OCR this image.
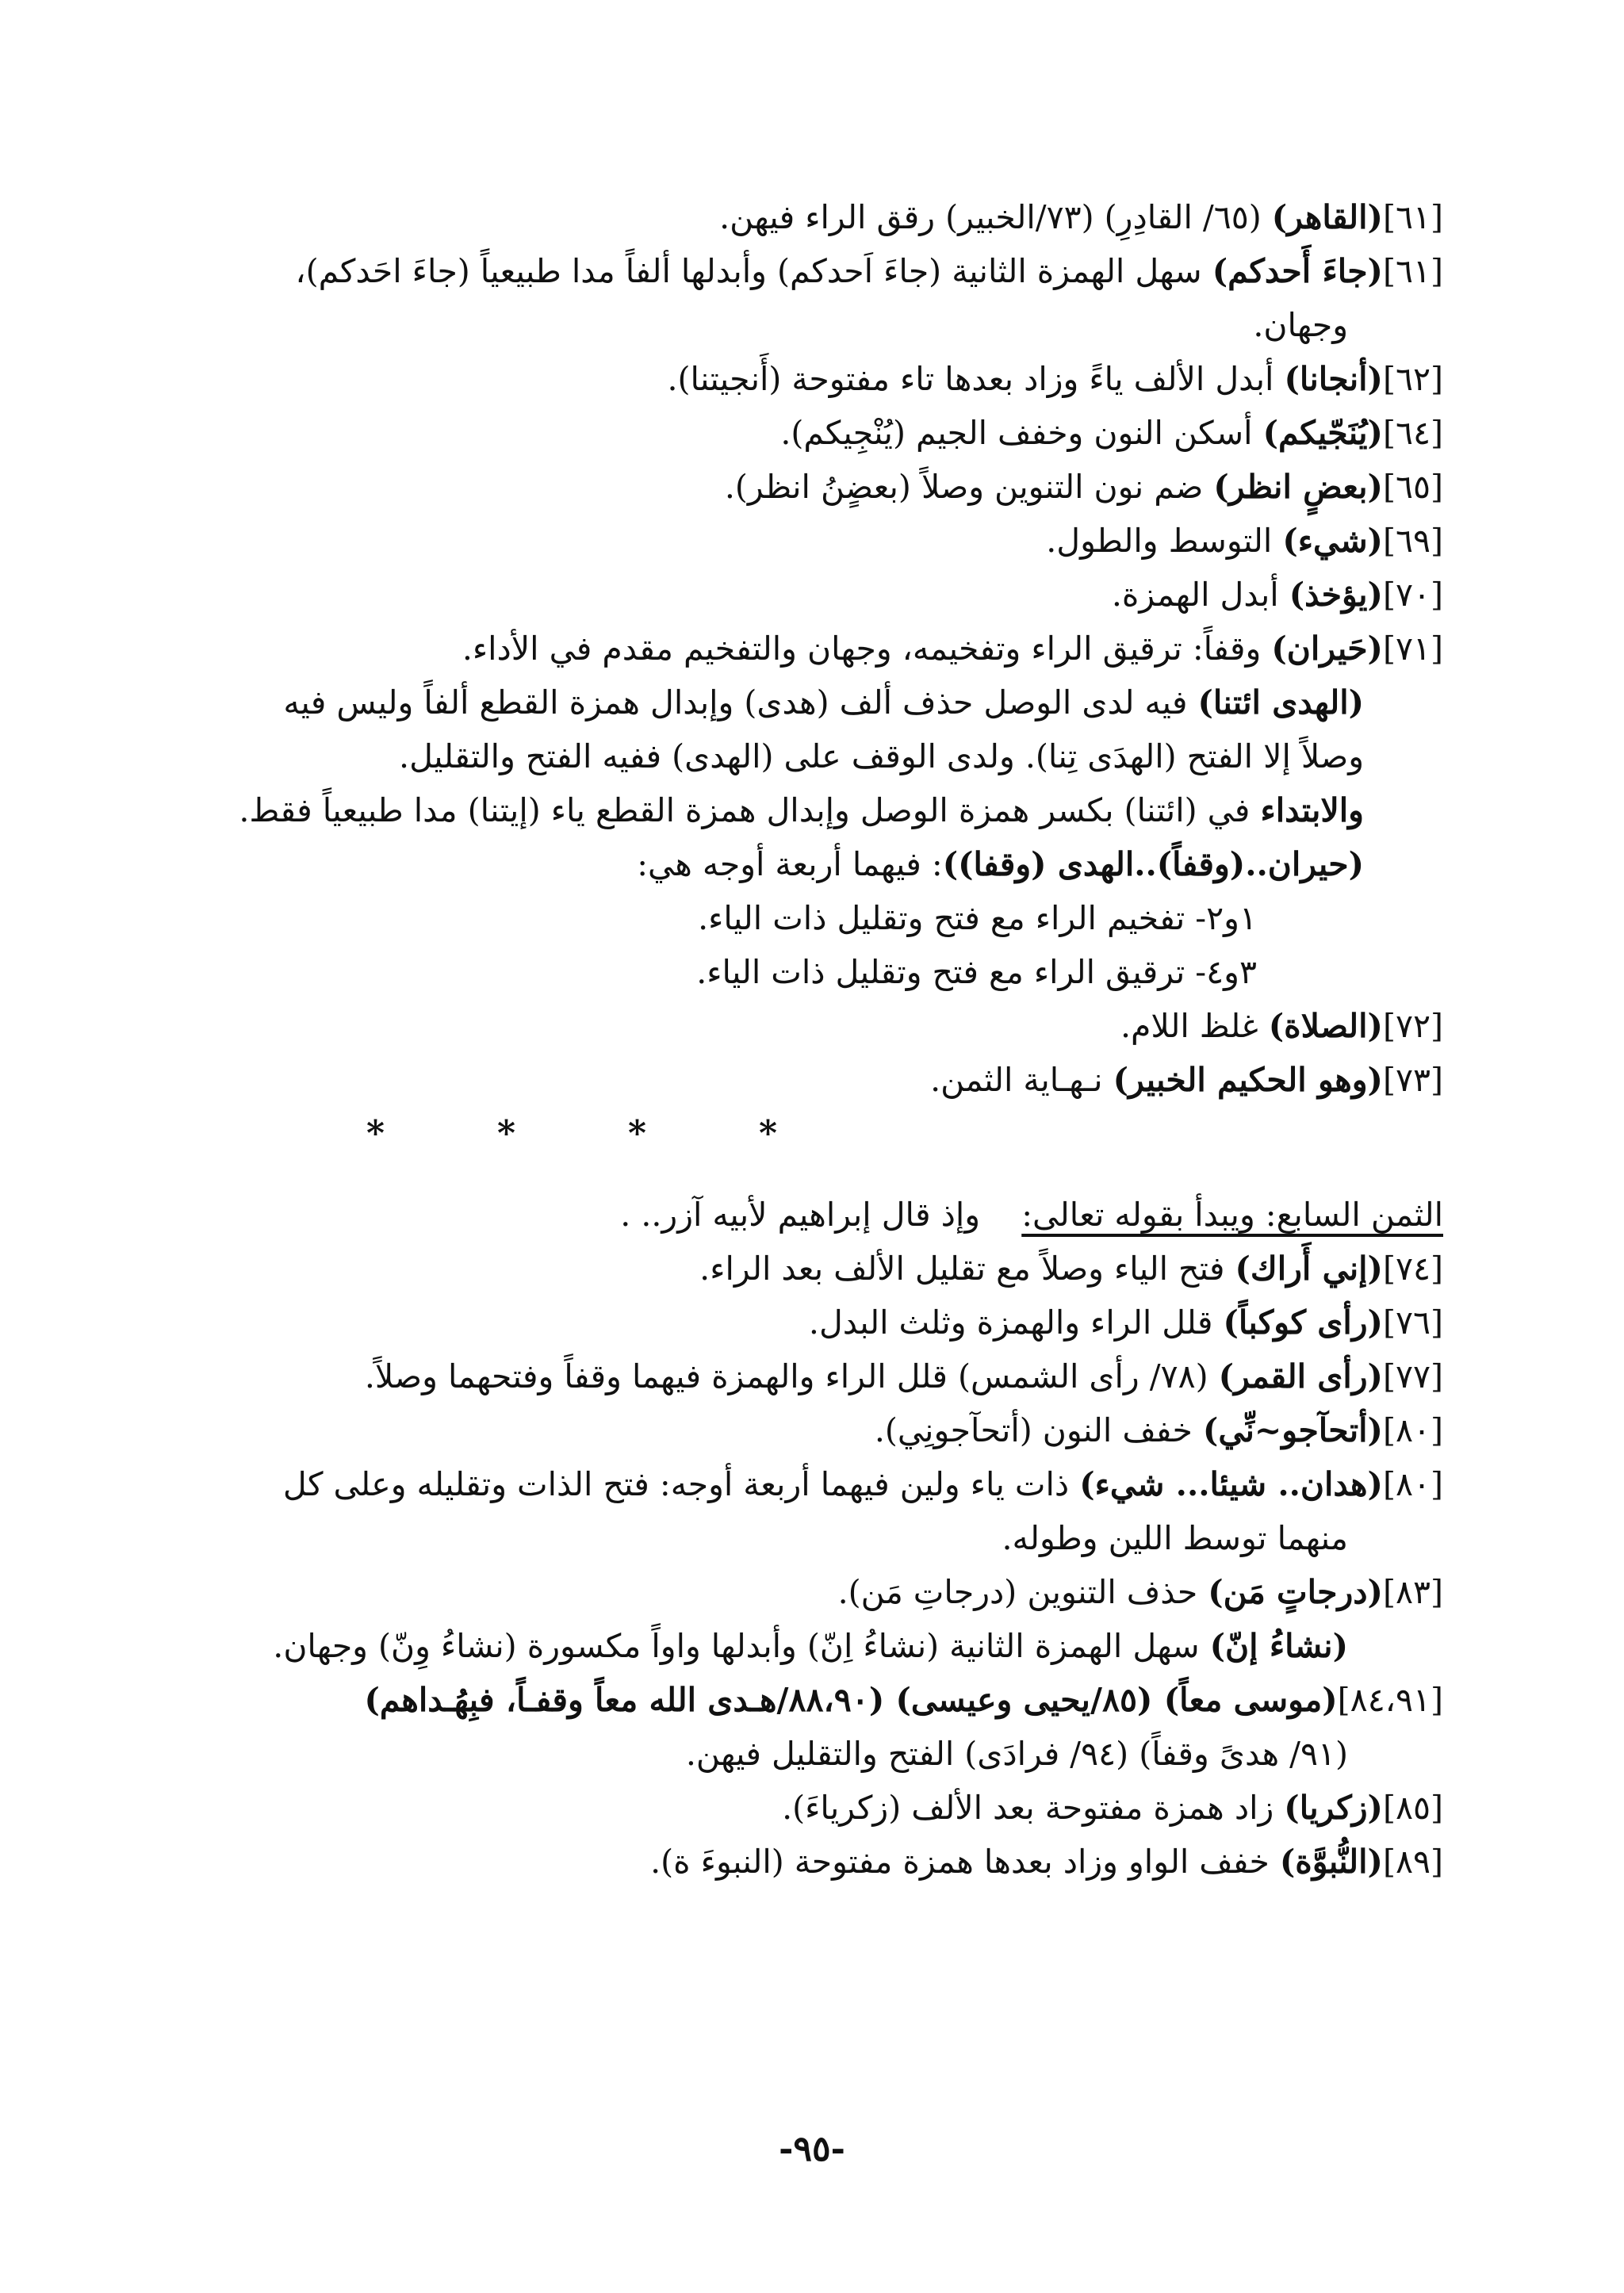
[٦١](القاهر) (٦٥/ القادِرِ) (٧٣/الخبير) رقق الراء فيهن.
[٦١](جاءَ أَحدكم) سهل الهمزة الثانية (جاءَ اَحدكم) وأبدلها ألفاً مدا طبيعياً (جاءَ احَدكم)،
وجهان.
[٦٢](أنجانا) أبدل الألف ياءً وزاد بعدها تاء مفتوحة (أَنجيتنا).
[٦٤](يُنَجّيكم) أسكن النون وخفف الجيم (يُنْجِيكم).
[٦٥](بعضٍ انظر) ضم نون التنوين وصلاً (بعضٍنُ انظر).
[٦٩](شيء) التوسط والطول.
[٧٠](يؤخذ) أبدل الهمزة.
[٧١](حَيران) وقفاً: ترقيق الراء وتفخيمه، وجهان والتفخيم مقدم في الأداء.
(الهدى ائتنا) فيه لدى الوصل حذف ألف (هدى) وإبدال همزة القطع ألفاً وليس فيه
وصلاً إلا الفتح (الهدَى تِنا). ولدى الوقف على (الهدى) ففيه الفتح والتقليل.
والابتداء في (ائتنا) بكسر همزة الوصل وإبدال همزة القطع ياء (إيتنا) مدا طبيعياً فقط.
(حيران..(وقفاً)..الهدى (وقفا)): فيهما أربعة أوجه هي:
١و٢- تفخيم الراء مع فتح وتقليل ذات الياء.
٣و٤- ترقيق الراء مع فتح وتقليل ذات الياء.
[٧٢](الصلاة) غلظ اللام.
[٧٣](وهو الحكيم الخبير) نـهـاية الثمن.
*
*
*
*
الثمن السابع: ويبدأ بقوله تعالى:    وإذ قال إبراهيم لأبيه آزر.. .
[٧٤](إني أَراك) فتح الياء وصلاً مع تقليل الألف بعد الراء.
[٧٦](رأى كوكباً) قلل الراء والهمزة وثلث البدل.
[٧٧](رأى القمر) (٧٨/ رأى الشمس) قلل الراء والهمزة فيهما وقفاً وفتحهما وصلاً.
[٨٠](أتحآجو~نِّي) خفف النون (أتحآجونِي).
[٨٠](هدان.. شيئا... شيء) ذات ياء ولين فيهما أربعة أوجه: فتح الذات وتقليله وعلى كل
منهما توسط اللين وطوله.
[٨٣](درجاتٍ مَن) حذف التنوين (درجاتِ مَن).
(نشاءُ إنّ) سهل الهمزة الثانية (نشاءُ اِنّ) وأبدلها واواً مكسورة (نشاءُ وِنّ) وجهان.
[٨٤،٩١](موسى معاً) (٨٥/يحيى وعيسى) (٨٨،٩٠/هـدى الله معاً وقفـاً، فبِهُـداهم)
(٩١/ هدىً وقفاً) (٩٤/ فرادَى) الفتح والتقليل فيهن.
[٨٥](زكريا) زاد همزة مفتوحة بعد الألف (زكرياءَ).
[٨٩](النُّبوَّة) خفف الواو وزاد بعدها همزة مفتوحة (النبوءَ ة).
-٩٥-
